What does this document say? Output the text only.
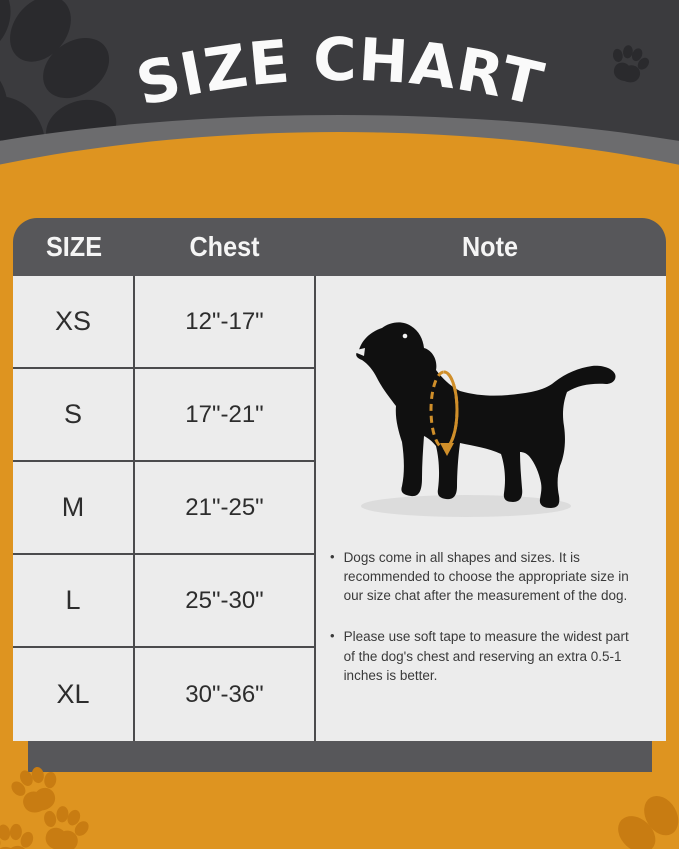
SIZE CHART
SIZE	Chest	Note
XS	12"-17"
S	17"-21"
M	21"-25"
L	25"-30"
XL	30"-36"
• Dogs come in all shapes and sizes. It is recommended to choose the appropriate size in our size chat after the measurement of the dog.
• Please use soft tape to measure the widest part of the dog's chest and reserving an extra 0.5-1 inches is better.
